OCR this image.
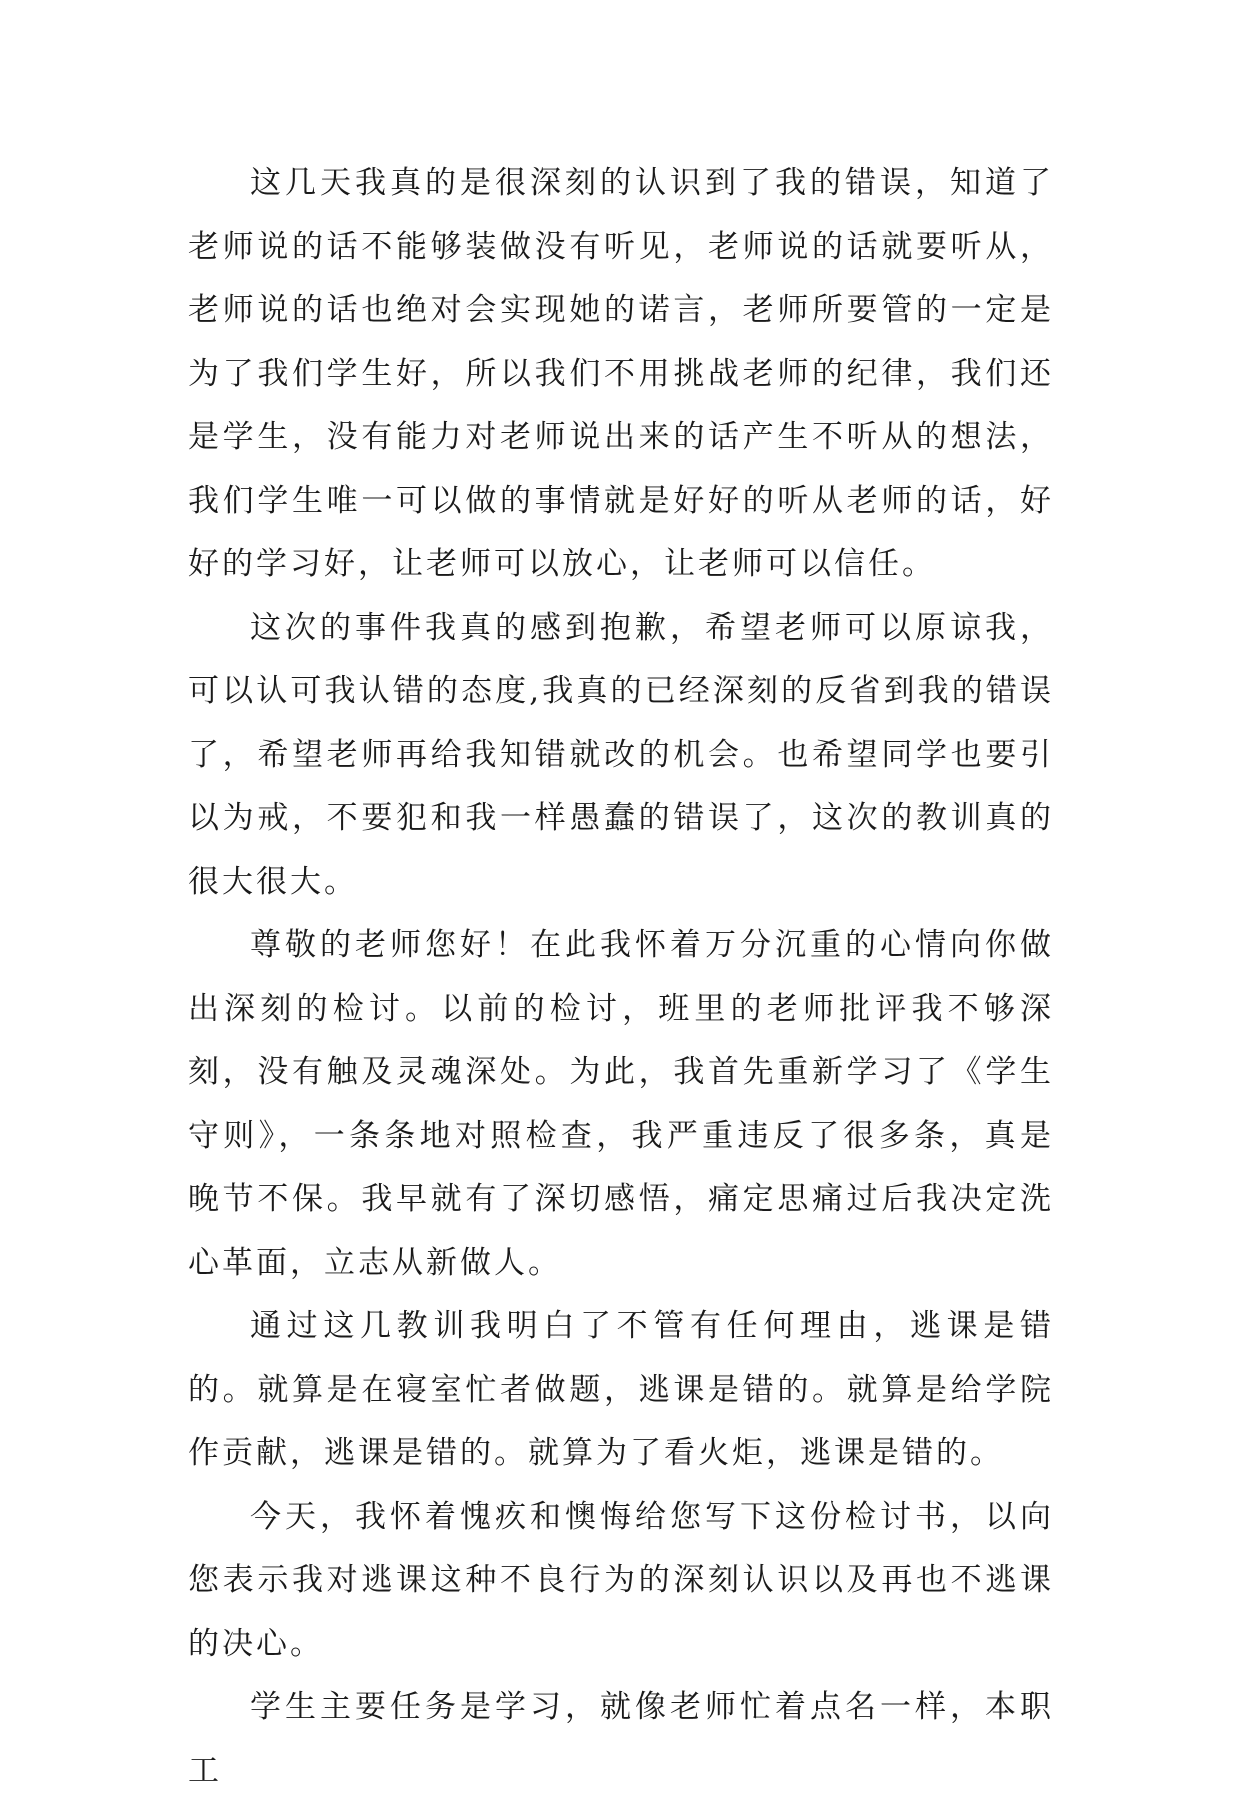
这几天我真的是很深刻的认识到了我的错误，知道了老师说的话不能够装做没有听见，老师说的话就要听从，老师说的话也绝对会实现她的诺言，老师所要管的一定是为了我们学生好，所以我们不用挑战老师的纪律，我们还是学生，没有能力对老师说出来的话产生不听从的想法，我们学生唯一可以做的事情就是好好的听从老师的话，好好的学习好，让老师可以放心，让老师可以信任。

这次的事件我真的感到抱歉，希望老师可以原谅我，可以认可我认错的态度,我真的已经深刻的反省到我的错误了，希望老师再给我知错就改的机会。也希望同学也要引以为戒，不要犯和我一样愚蠢的错误了，这次的教训真的很大很大。

尊敬的老师您好！在此我怀着万分沉重的心情向你做出深刻的检讨。以前的检讨，班里的老师批评我不够深刻，没有触及灵魂深处。为此，我首先重新学习了《学生守则》，一条条地对照检查，我严重违反了很多条，真是晚节不保。我早就有了深切感悟，痛定思痛过后我决定洗心革面，立志从新做人。

通过这几教训我明白了不管有任何理由，逃课是错的。就算是在寝室忙者做题，逃课是错的。就算是给学院作贡献，逃课是错的。就算为了看火炬，逃课是错的。

今天，我怀着愧疚和懊悔给您写下这份检讨书，以向您表示我对逃课这种不良行为的深刻认识以及再也不逃课的决心。

学生主要任务是学习，就像老师忙着点名一样，本职工
